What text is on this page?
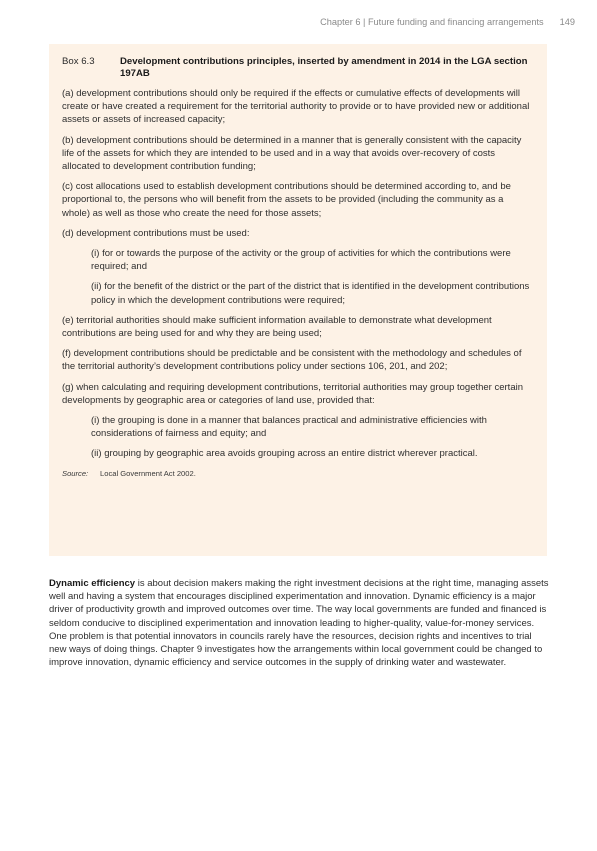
Chapter 6 | Future funding and financing arrangements 149
Box 6.3	Development contributions principles, inserted by amendment in 2014 in the LGA section 197AB

(a) development contributions should only be required if the effects or cumulative effects of developments will create or have created a requirement for the territorial authority to provide or to have provided new or additional assets or assets of increased capacity;

(b) development contributions should be determined in a manner that is generally consistent with the capacity life of the assets for which they are intended to be used and in a way that avoids over-recovery of costs allocated to development contribution funding;

(c) cost allocations used to establish development contributions should be determined according to, and be proportional to, the persons who will benefit from the assets to be provided (including the community as a whole) as well as those who create the need for those assets;

(d) development contributions must be used:

(i) for or towards the purpose of the activity or the group of activities for which the contributions were required; and

(ii) for the benefit of the district or the part of the district that is identified in the development contributions policy in which the development contributions were required;

(e) territorial authorities should make sufficient information available to demonstrate what development contributions are being used for and why they are being used;

(f) development contributions should be predictable and be consistent with the methodology and schedules of the territorial authority’s development contributions policy under sections 106, 201, and 202;

(g) when calculating and requiring development contributions, territorial authorities may group together certain developments by geographic area or categories of land use, provided that:

(i) the grouping is done in a manner that balances practical and administrative efficiencies with considerations of fairness and equity; and

(ii) grouping by geographic area avoids grouping across an entire district wherever practical.

Source:	Local Government Act 2002.

Dynamic efficiency is about decision makers making the right investment decisions at the right time, managing assets well and having a system that encourages disciplined experimentation and innovation. Dynamic efficiency is a major driver of productivity growth and improved outcomes over time. The way local governments are funded and financed is seldom conducive to disciplined experimentation and innovation leading to higher-quality, value-for-money services. One problem is that potential innovators in councils rarely have the resources, decision rights and incentives to trial new ways of doing things. Chapter 9 investigates how the arrangements within local government could be changed to improve innovation, dynamic efficiency and service outcomes in the supply of drinking water and wastewater.
